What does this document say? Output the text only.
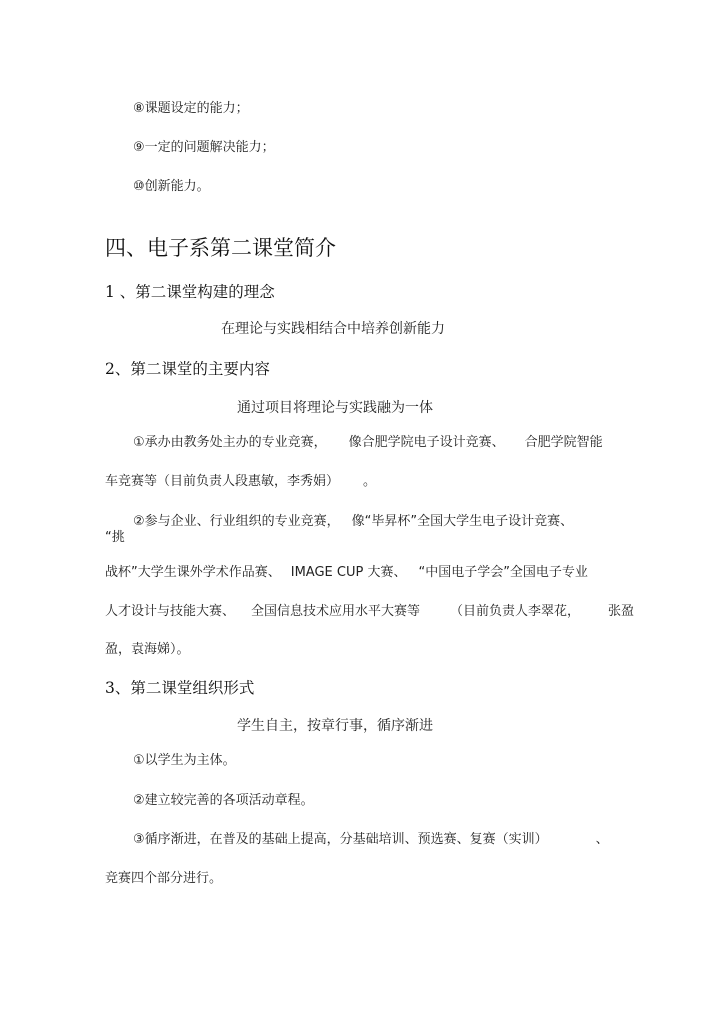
⑧课题设定的能力；
⑨一定的问题解决能力；
⑩创新能力。
四、电子系第二课堂简介
1 、第二课堂构建的理念
在理论与实践相结合中培养创新能力
2、第二课堂的主要内容
通过项目将理论与实践融为一体
①承办由教务处主办的专业竞赛， 像合肥学院电子设计竞赛、 合肥学院智能
车竞赛等（目前负责人段惠敏，李秀娟） 。
②参与企业、行业组织的专业竞赛， 像“毕昇杯”全国大学生电子设计竞赛、
“挑
战杯”大学生课外学术作品赛、 IMAGE CUP 大赛、 “中国电子学会”全国电子专业
人才设计与技能大赛、 全国信息技术应用水平大赛等 （目前负责人李翠花， 张盈
盈，袁海娣）。
3、第二课堂组织形式
学生自主，按章行事，循序渐进
①以学生为主体。
②建立较完善的各项活动章程。
③循序渐进，在普及的基础上提高，分基础培训、预选赛、复赛（实训）	、
竞赛四个部分进行。
